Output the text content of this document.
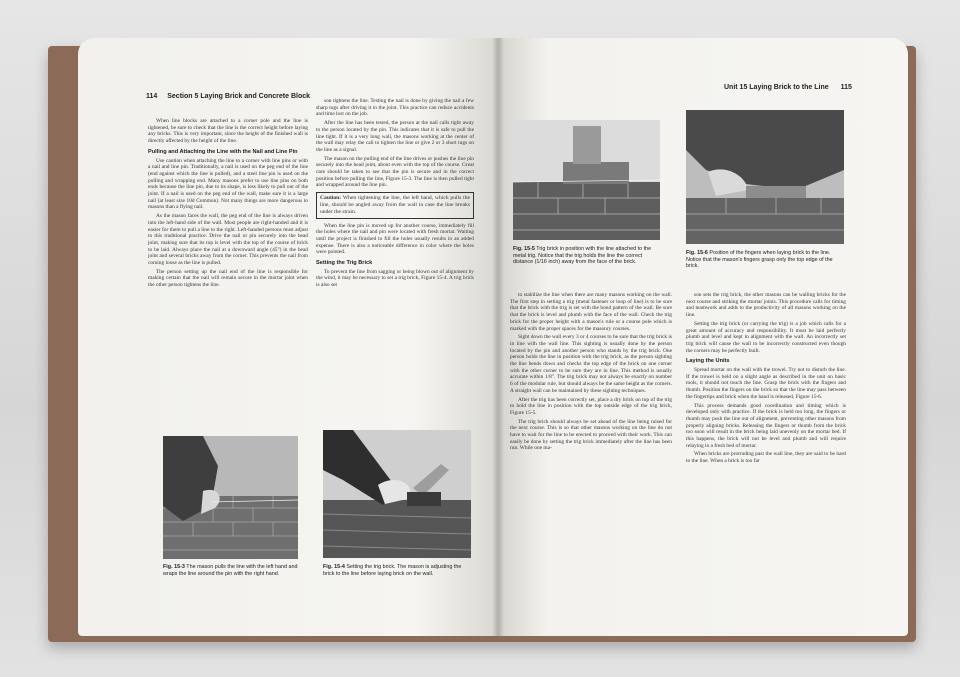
114 Section 5 Laying Brick and Concrete Block

When line blocks are attached to a corner pole and the line is tightened, be sure to check that the line is the correct height before laying any bricks. This is very important, since the height of the finished wall is directly affected by the height of the line.

Pulling and Attaching the Line with the Nail and Line Pin

Use caution when attaching the line to a corner with line pins or with a nail and line pin. Traditionally, a nail is used on the peg end of the line (end against which the line is pulled), and a steel line pin is used on the pulling and wrapping end. Many masons prefer to use line pins on both ends because the line pin, due to its shape, is less likely to pull out of the joint. If a nail is used on the peg end of the wall, make sure it is a large nail (at least size 10d Common). Not many things are more dangerous to masons than a flying nail.

As the mason faces the wall, the peg end of the line is always driven into the left-hand side of the wall. Most people are right-handed and it is easier for them to pull a line to the right. Left-handed persons must adjust to this traditional practice. Drive the nail or pin securely into the head joint, making sure that its top is level with the top of the course of brick to be laid. Always place the nail at a downward angle (45°) in the head joint and several bricks away from the corner. This prevents the nail from coming loose as the line is pulled.

The person setting up the nail end of the line is responsible for making certain that the nail will remain secure in the mortar joint when the other person tightens the line.

son tightens the line. Testing the nail is done by giving the nail a few sharp tugs after driving it in the joint. This practice can reduce accidents and time lost on the job.

After the line has been tested, the person at the nail calls tight away to the person located by the pin. This indicates that it is safe to pull the line tight. If it is a very long wall, the masons working at the center of the wall may relay the call to tighten the line or give 2 or 3 short tugs on the line as a signal.

The mason on the pulling end of the line drives or pushes the line pin securely into the head joint, about even with the top of the course. Great care should be taken to see that the pin is secure and in the correct position before pulling the line, Figure 15-3. The line is then pulled tight and wrapped around the line pin.

Caution: When tightening the line, the left hand, which pulls the line, should be angled away from the wall in case the line breaks under the strain.

When the line pin is moved up for another course, immediately fill the holes where the nail and pin were located with fresh mortar. Waiting until the project is finished to fill the holes usually results in an added expense. There is also a noticeable difference in color where the holes were pointed.

Setting the Trig Brick

To prevent the line from sagging or being blown out of alignment by the wind, it may be necessary to set a trig brick, Figure 15-4. A trig brick is also set

Fig. 15-3 The mason pulls the line with the left hand and wraps the line around the pin with the right hand.
Fig. 15-4 Setting the trig brick. The mason is adjusting the brick to the line before laying brick on the wall.
Unit 15 Laying Brick to the Line 115
Fig. 15-5 Trig brick in position with the line attached to the metal trig. Notice that the trig holds the line the correct distance (1/16 inch) away from the face of the brick.
Fig. 15-6 Position of the fingers when laying brick to the line. Notice that the mason's fingers grasp only the top edge of the brick.

to stabilize the line when there are many masons working on the wall. The first step in setting a trig (metal fastener or loop of line) is to be sure that the brick with the trig is set with the bond pattern of the wall. Be sure that the brick is level and plumb with the face of the wall. Check the trig brick for the proper height with a mason's rule or a course pole which is marked with the proper spaces for the masonry courses.

Sight down the wall every 3 or 4 courses to be sure that the trig brick is in line with the wall line. This sighting is usually done by the person located by the pin and another person who stands by the trig brick. One person holds the line in position with the trig brick, as the person sighting the line bends down and checks the top edge of the brick on one corner with the other corner to be sure they are in line. This method is usually accurate within 1/8". The trig brick may not always be exactly on number 6 of the modular rule, but should always be the same height as the corners. A straight wall can be maintained by these sighting techniques.

After the trig has been correctly set, place a dry brick on top of the trig to hold the line in position with the top outside edge of the trig brick, Figure 15-5.

The trig brick should always be set ahead of the line being raised for the next course. This is so that other masons working on the line do not have to wait for the line to be erected to proceed with their work. This can easily be done by setting the trig brick immediately after the line has been run. While one ma-

son sets the trig brick, the other masons can be walling bricks for the next course and striking the mortar joints. This procedure calls for timing and teamwork and adds to the productivity of all masons working on the line.

Setting the trig brick (or carrying the trig) is a job which calls for a great amount of accuracy and responsibility. It must be laid perfectly plumb and level and kept in alignment with the wall. An incorrectly set trig brick will cause the wall to be incorrectly constructed even though the corners may be perfectly built.

Laying the Units

Spread mortar on the wall with the trowel. Try not to disturb the line. If the trowel is held on a slight angle as described in the unit on basic tools, it should not touch the line. Grasp the brick with the fingers and thumb. Position the fingers on the brick so that the line may pass between the fingertips and brick when the hand is released, Figure 15-6.

This process demands good coordination and timing which is developed only with practice. If the brick is held too long, the fingers or thumb may push the line out of alignment, preventing other masons from properly aligning bricks. Releasing the fingers or thumb from the brick too soon will result in the brick being laid unevenly on the mortar bed. If this happens, the brick will not be level and plumb and will require relaying in a fresh bed of mortar.

When bricks are protruding past the wall line, they are said to be hard to the line. When a brick is too far
